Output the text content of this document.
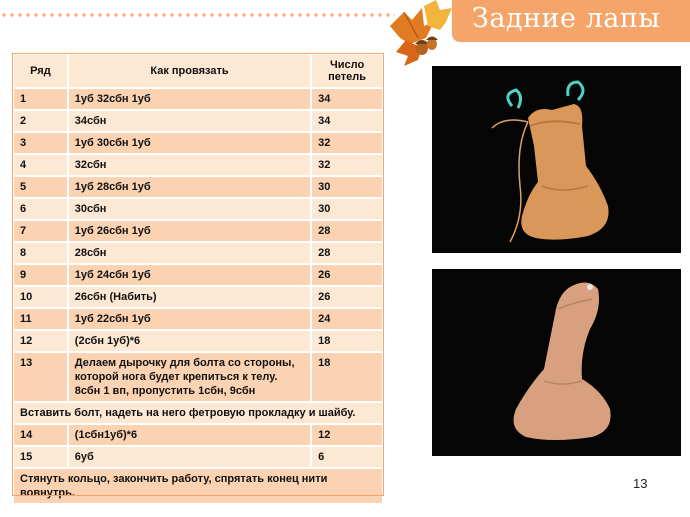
Задние лапы
Ряд	Как провязать	Число петель
1	1уб 32сбн 1уб	34
2	34сбн	34
3	1уб 30сбн 1уб	32
4	32сбн	32
5	1уб 28сбн 1уб	30
6	30сбн	30
7	1уб 26сбн 1уб	28
8	28сбн	28
9	1уб 24сбн 1уб	26
10	26сбн (Набить)	26
11	1уб 22сбн 1уб	24
12	(2сбн 1уб)*6	18
13	Делаем дырочку для болта со стороны, которой нога будет крепиться к телу. 8сбн 1 вп, пропустить 1сбн, 9сбн	18
Вставить болт, надеть на него фетровую прокладку и шайбу.		
14	(1сбн1уб)*6	12
15	6уб	6
Стянуть кольцо, закончить работу, спрятать конец нити вовнутрь.		
13
